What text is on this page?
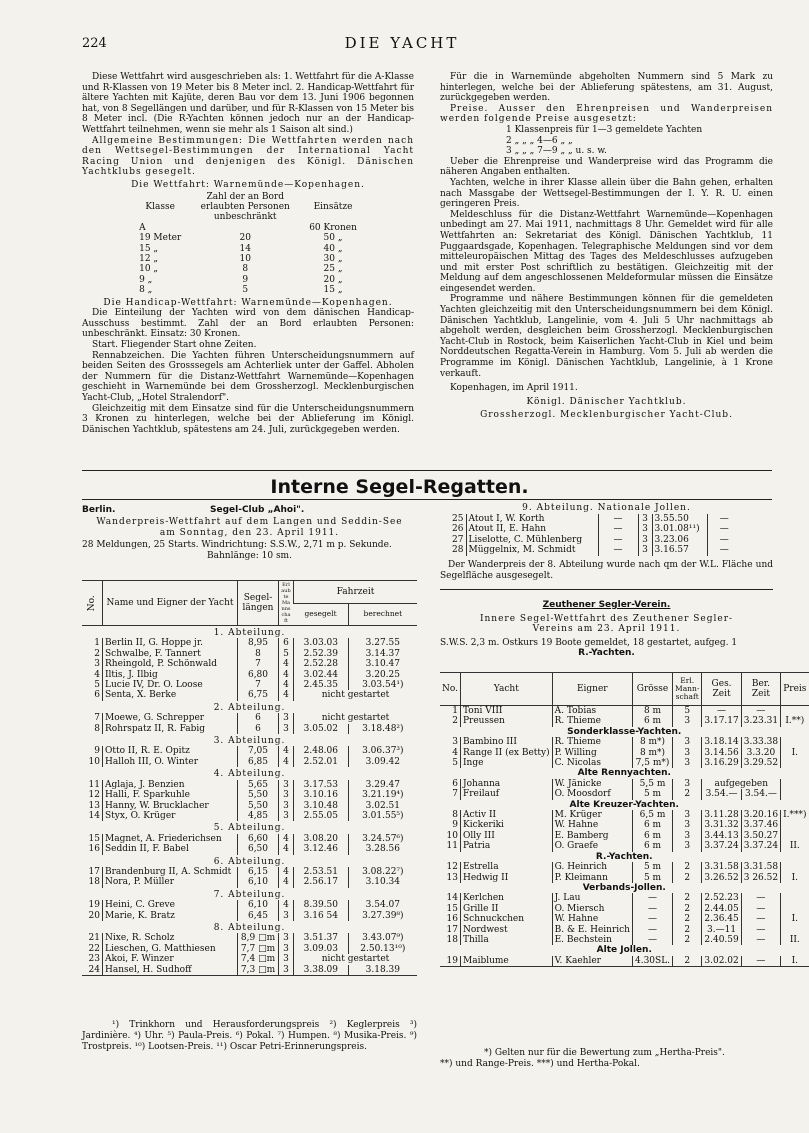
224	DIE YACHT

Diese Wettfahrt wird ausgeschrieben als: 1. Wettfahrt für die A-Klasse und R-Klassen von 19 Meter bis 8 Meter incl. 2. Handicap-Wettfahrt für ältere Yachten mit Kajüte, deren Bau vor dem 13. Juni 1906 begonnen hat, von 8 Segellängen und darüber, und für R-Klassen von 15 Meter bis 8 Meter incl. (Die R-Yachten können jedoch nur an der Handicap-Wettfahrt teilnehmen, wenn sie mehr als 1 Saison alt sind.)

Allgemeine Bestimmungen: Die Wettfahrten werden nach den Wettsegel-Bestimmungen der International Yacht Racing Union und denjenigen des Königl. Dänischen Yachtklubs gesegelt.

Die Wettfahrt: Warnemünde—Kopenhagen.

Klasse	Zahl der an Bord erlaubten Personen unbeschränkt	Einsätze
A		60 Kronen
19 Meter	20	50 „
15 „	14	40 „
12 „	10	30 „
10 „	8	25 „
9 „	9	20 „
8 „	5	15 „

Die Handicap-Wettfahrt: Warnemünde—Kopenhagen.

Die Einteilung der Yachten wird von dem dänischen Handicap-Ausschuss bestimmt. Zahl der an Bord erlaubten Personen: unbeschränkt. Einsatz: 30 Kronen.

Start. Fliegender Start ohne Zeiten.

Rennabzeichen. Die Yachten führen Unterscheidungsnummern auf beiden Seiten des Grosssegels am Achterliek unter der Gaffel. Abholen der Nummern für die Distanz-Wettfahrt Warnemünde—Kopenhagen geschieht in Warnemünde bei dem Grossherzogl. Mecklenburgischen Yacht-Club, „Hotel Stralendorf".

Gleichzeitig mit dem Einsatze sind für die Unterscheidungsnummern 3 Kronen zu hinterlegen, welche bei der Ablieferung im Königl. Dänischen Yachtklub, spätestens am 24. Juli, zurückgegeben werden.

Für die in Warnemünde abgeholten Nummern sind 5 Mark zu hinterlegen, welche bei der Ablieferung spätestens, am 31. August, zurückgegeben werden.

Preise. Ausser den Ehrenpreisen und Wanderpreisen werden folgende Preise ausgesetzt:

1 Klassenpreis für 1—3 gemeldete Yachten
2 „ „ „ 4—6 „ „
3 „ „ „ 7—9 „ „ u. s. w.

Ueber die Ehrenpreise und Wanderpreise wird das Programm die näheren Angaben enthalten.

Yachten, welche in ihrer Klasse allein über die Bahn gehen, erhalten nach Massgabe der Wettsegel-Bestimmungen der I. Y. R. U. einen geringeren Preis.

Meldeschluss für die Distanz-Wettfahrt Warnemünde—Kopenhagen unbedingt am 27. Mai 1911, nachmittags 8 Uhr. Gemeldet wird für alle Wettfahrten an: Sekretariat des Königl. Dänischen Yachtklub, 11 Puggaardsgade, Kopenhagen. Telegraphische Meldungen sind vor dem mitteleuropäischen Mittag des Tages des Meldeschlusses aufzugeben und mit erster Post schriftlich zu bestätigen. Gleichzeitig mit der Meldung auf dem angeschlossenen Meldeformular müssen die Einsätze eingesendet werden.

Programme und nähere Bestimmungen können für die gemeldeten Yachten gleichzeitig mit den Unterscheidungsnummern bei dem Königl. Dänischen Yachtklub, Langelinie, vom 4. Juli 5 Uhr nachmittags ab abgeholt werden, desgleichen beim Grossherzogl. Mecklenburgischen Yacht-Club in Rostock, beim Kaiserlichen Yacht-Club in Kiel und beim Norddeutschen Regatta-Verein in Hamburg. Vom 5. Juli ab werden die Programme im Königl. Dänischen Yachtklub, Langelinie, à 1 Krone verkauft.

Kopenhagen, im April 1911.

Königl. Dänischer Yachtklub.

Grossherzogl. Mecklenburgischer Yacht-Club.

Interne Segel-Regatten.
Berlin.	Segel-Club „Ahoi".
Wanderpreis-Wettfahrt auf dem Langen und Seddin-See
am Sonntag, den 23. April 1911.
28 Meldungen, 25 Starts. Windrichtung: S.S.W., 2,71 m p. Sekunde.
Bahnlänge: 10 sm.
No.	Name und Eigner der Yacht	Segel-längen	Erlaubte Mannschaft	Fahrzeit	
				gesegelt	berechnet
1. Abteilung.					
1	Berlin II, G. Hoppe jr.	8,95	6	3.03.03	3.27.55
2	Schwalbe, F. Tannert	8	5	2.52.39	3.14.37
3	Rheingold, P. Schönwald	7	4	2.52.28	3.10.47
4	Iltis, J. Ilbig	6,80	4	3.02.44	3.20.25
5	Lucie IV, Dr. O. Loose	7	4	2.45.35	3.03.54¹)
6	Senta, X. Berke	6,75	4	nicht gestartet	
2. Abteilung.					
7	Moewe, G. Schrepper	6	3	nicht gestartet	
8	Rohrspatz II, R. Fabig	6	3	3.05.02	3.18.48²)
3. Abteilung.					
9	Otto II, R. E. Opitz	7,05	4	2.48.06	3.06.37³)
10	Halloh III, O. Winter	6,85	4	2.52.01	3.09.42
4. Abteilung.					
11	Aglaja, J. Benzien	5,65	3	3.17.53	3.29.47
12	Halli, F. Sparkuhle	5,50	3	3.10.16	3.21.19⁴)
13	Hanny, W. Brucklacher	5,50	3	3.10.48	3.02.51
14	Styx, O. Krüger	4,85	3	2.55.05	3.01.55⁵)
5. Abteilung.					
15	Magnet, A. Friederichsen	6,60	4	3.08.20	3.24.57⁶)
16	Seddin II, F. Babel	6,50	4	3.12.46	3.28.56
6. Abteilung.					
17	Brandenburg II, A. Schmidt	6,15	4	2.53.51	3.08.22⁷)
18	Nora, P. Müller	6,10	4	2.56.17	3.10.34
7. Abteilung.					
19	Heini, C. Greve	6,10	4	8.39.50	3.54.07
20	Marie, K. Bratz	6,45	3	3.16 54	3.27.39⁸)
8. Abteilung.					
21	Nixe, R. Scholz	8,9 □m	3	3.51.37	3.43.07⁹)
22	Lieschen, G. Matthiesen	7,7 □m	3	3.09.03	2.50.13¹⁰)
23	Akoi, F. Winzer	7,4 □m	3	nicht gestartet	
24	Hansel, H. Sudhoff	7,3 □m	3	3.38.09	3.18.39
¹) Trinkhorn und Herausforderungspreis ²) Keglerpreis ³) Jardinière. ⁴) Uhr. ⁵) Paula-Preis. ⁶) Pokal. ⁷) Humpen. ⁸) Musika-Preis. ⁹) Trostpreis. ¹⁰) Lootsen-Preis. ¹¹) Oscar Petri-Erinnerungspreis.
9. Abteilung. Nationale Jollen.
25	Atout I, W. Korth	—	3	3.55.50	—
26	Atout II, E. Hahn	—	3	3.01.08¹¹)	—
27	Liselotte, C. Mühlenberg	—	3	3.23.06	—
28	Müggelnix, M. Schmidt	—	3	3.16.57	—
Der Wanderpreis der 8. Abteilung wurde nach qm der W.L. Fläche und Segelfläche ausgesegelt.
Zeuthener Segler-Verein.
Innere Segel-Wettfahrt des Zeuthener Segler-Vereins am 23. April 1911.
S.W.S. 2,3 m. Ostkurs 19 Boote gemeldet, 18 gestartet, aufgeg. 1
R.-Yachten.
No.	Yacht	Eigner	Grösse	Erl. Mann-schaft	Ges. Zeit	Ber. Zeit	Preis
1	Toni VIII	A. Tobias	8 m	5	—	—	
2	Preussen	R. Thieme	6 m	3	3.17.17	3.23.31	I.**)
Sonderklasse-Yachten.							
3	Bambino III	R. Thieme	8 m*)	3	3.18.14	3.33.38	
4	Range II (ex Betty)	P. Willing	8 m*)	3	3.14.56	3.3.20	I.
5	Inge	C. Nicolas	7,5 m*)	3	3.16.29	3.29.52	
Alte Rennyachten.							
6	Johanna	W. Jänicke	5,5 m	3	aufgegeben		
7	Freilauf	O. Moosdorf	5 m	2	3.54.—	3.54.—	
Alte Kreuzer-Yachten.							
8	Activ II	M. Krüger	6,5 m	3	3.11.28	3.20.16	I.***)
9	Kickeriki	W. Hahne	6 m	3	3.31.32	3.37.46	
10	Olly III	E. Bamberg	6 m	3	3.44.13	3.50.27	
11	Patria	O. Graefe	6 m	3	3.37.24	3.37.24	II.
R.-Yachten.							
12	Estrella	G. Heinrich	5 m	2	3.31.58	3.31.58	
13	Hedwig II	P. Kleimann	5 m	2	3.26.52	3 26.52	I.
Verbands-Jollen.							
14	Kerlchen	J. Lau	—	2	2.52.23	—	
15	Grille II	O. Miersch	—	2	2.44.05	—	
16	Schnuckchen	W. Hahne	—	2	2.36.45	—	I.
17	Nordwest	B. & E. Heinrich	—	2	3.—11	—	
18	Thilla	E. Bechstein	—	2	2.40.59	—	II.
Alte Jollen.							
19	Maiblume	V. Kaehler	4.30SL.	2	3.02.02	—	I.
*) Gelten nur für die Bewertung zum „Hertha-Preis".
**) und Range-Preis. ***) und Hertha-Pokal.
